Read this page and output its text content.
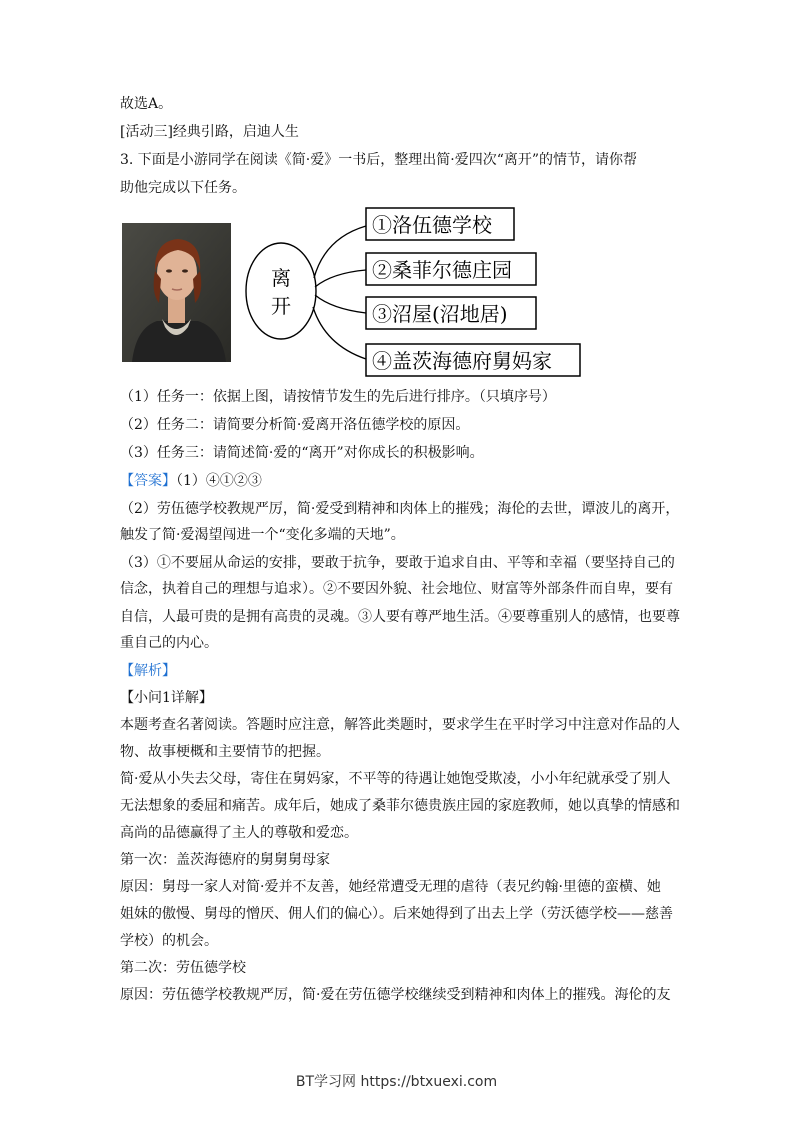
故选A。
[活动三]经典引路，启迪人生
3. 下面是小游同学在阅读《简·爱》一书后，整理出简·爱四次“离开”的情节，请你帮
助他完成以下任务。
离
开
①洛伍德学校
②桑菲尔德庄园
③沼屋(沼地居)
④盖茨海德府舅妈家
（1）任务一：依据上图，请按情节发生的先后进行排序。（只填序号）
（2）任务二：请简要分析简·爱离开洛伍德学校的原因。
（3）任务三：请简述简·爱的“离开”对你成长的积极影响。
【答案】（1）④①②③
（2）劳伍德学校教规严厉，简·爱受到精神和肉体上的摧残；海伦的去世，谭波儿的离开，
触发了简·爱渴望闯进一个“变化多端的天地”。
（3）①不要屈从命运的安排，要敢于抗争，要敢于追求自由、平等和幸福（要坚持自己的
信念，执着自己的理想与追求）。②不要因外貌、社会地位、财富等外部条件而自卑，要有
自信，人最可贵的是拥有高贵的灵魂。③人要有尊严地生活。④要尊重别人的感情，也要尊
重自己的内心。
【解析】
【小问1详解】
本题考查名著阅读。答题时应注意，解答此类题时，要求学生在平时学习中注意对作品的人
物、故事梗概和主要情节的把握。
简·爱从小失去父母，寄住在舅妈家，不平等的待遇让她饱受欺凌，小小年纪就承受了别人
无法想象的委屈和痛苦。成年后，她成了桑菲尔德贵族庄园的家庭教师，她以真挚的情感和
高尚的品德赢得了主人的尊敬和爱恋。
第一次：盖茨海德府的舅舅舅母家
原因：舅母一家人对简·爱并不友善，她经常遭受无理的虐待（表兄约翰·里德的蛮横、她
姐妹的傲慢、舅母的憎厌、佣人们的偏心）。后来她得到了出去上学（劳沃德学校——慈善
学校）的机会。
第二次：劳伍德学校
原因：劳伍德学校教规严厉，简·爱在劳伍德学校继续受到精神和肉体上的摧残。海伦的友
BT学习网 https://btxuexi.com
